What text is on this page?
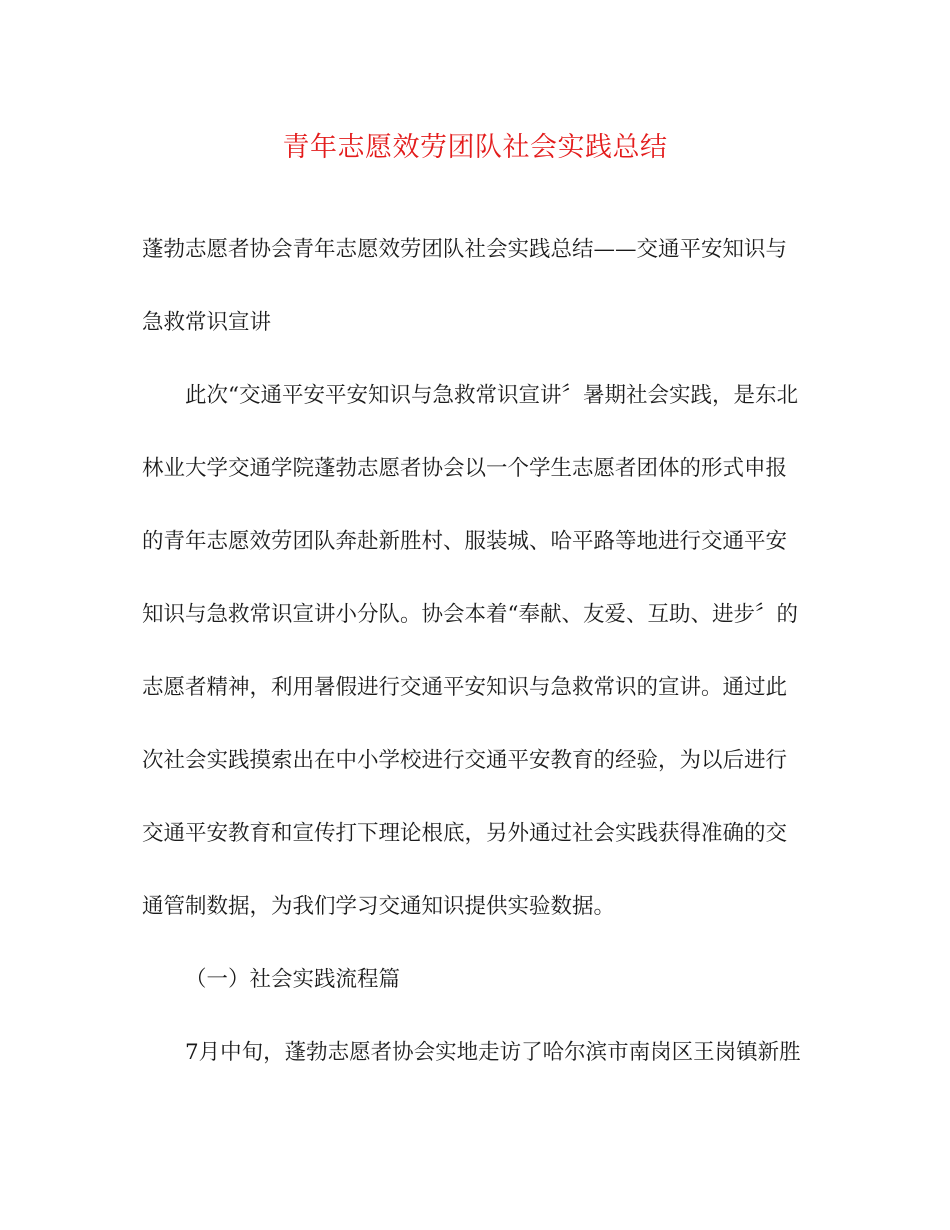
青年志愿效劳团队社会实践总结

蓬勃志愿者协会青年志愿效劳团队社会实践总结——交通平安知识与

急救常识宣讲

此次“交通平安平安知识与急救常识宣讲〞暑期社会实践，是东北

林业大学交通学院蓬勃志愿者协会以一个学生志愿者团体的形式申报

的青年志愿效劳团队奔赴新胜村、服装城、哈平路等地进行交通平安

知识与急救常识宣讲小分队。协会本着“奉献、友爱、互助、进步〞的

志愿者精神，利用暑假进行交通平安知识与急救常识的宣讲。通过此

次社会实践摸索出在中小学校进行交通平安教育的经验，为以后进行

交通平安教育和宣传打下理论根底，另外通过社会实践获得准确的交

通管制数据，为我们学习交通知识提供实验数据。

（一）社会实践流程篇

7月中旬，蓬勃志愿者协会实地走访了哈尔滨市南岗区王岗镇新胜
